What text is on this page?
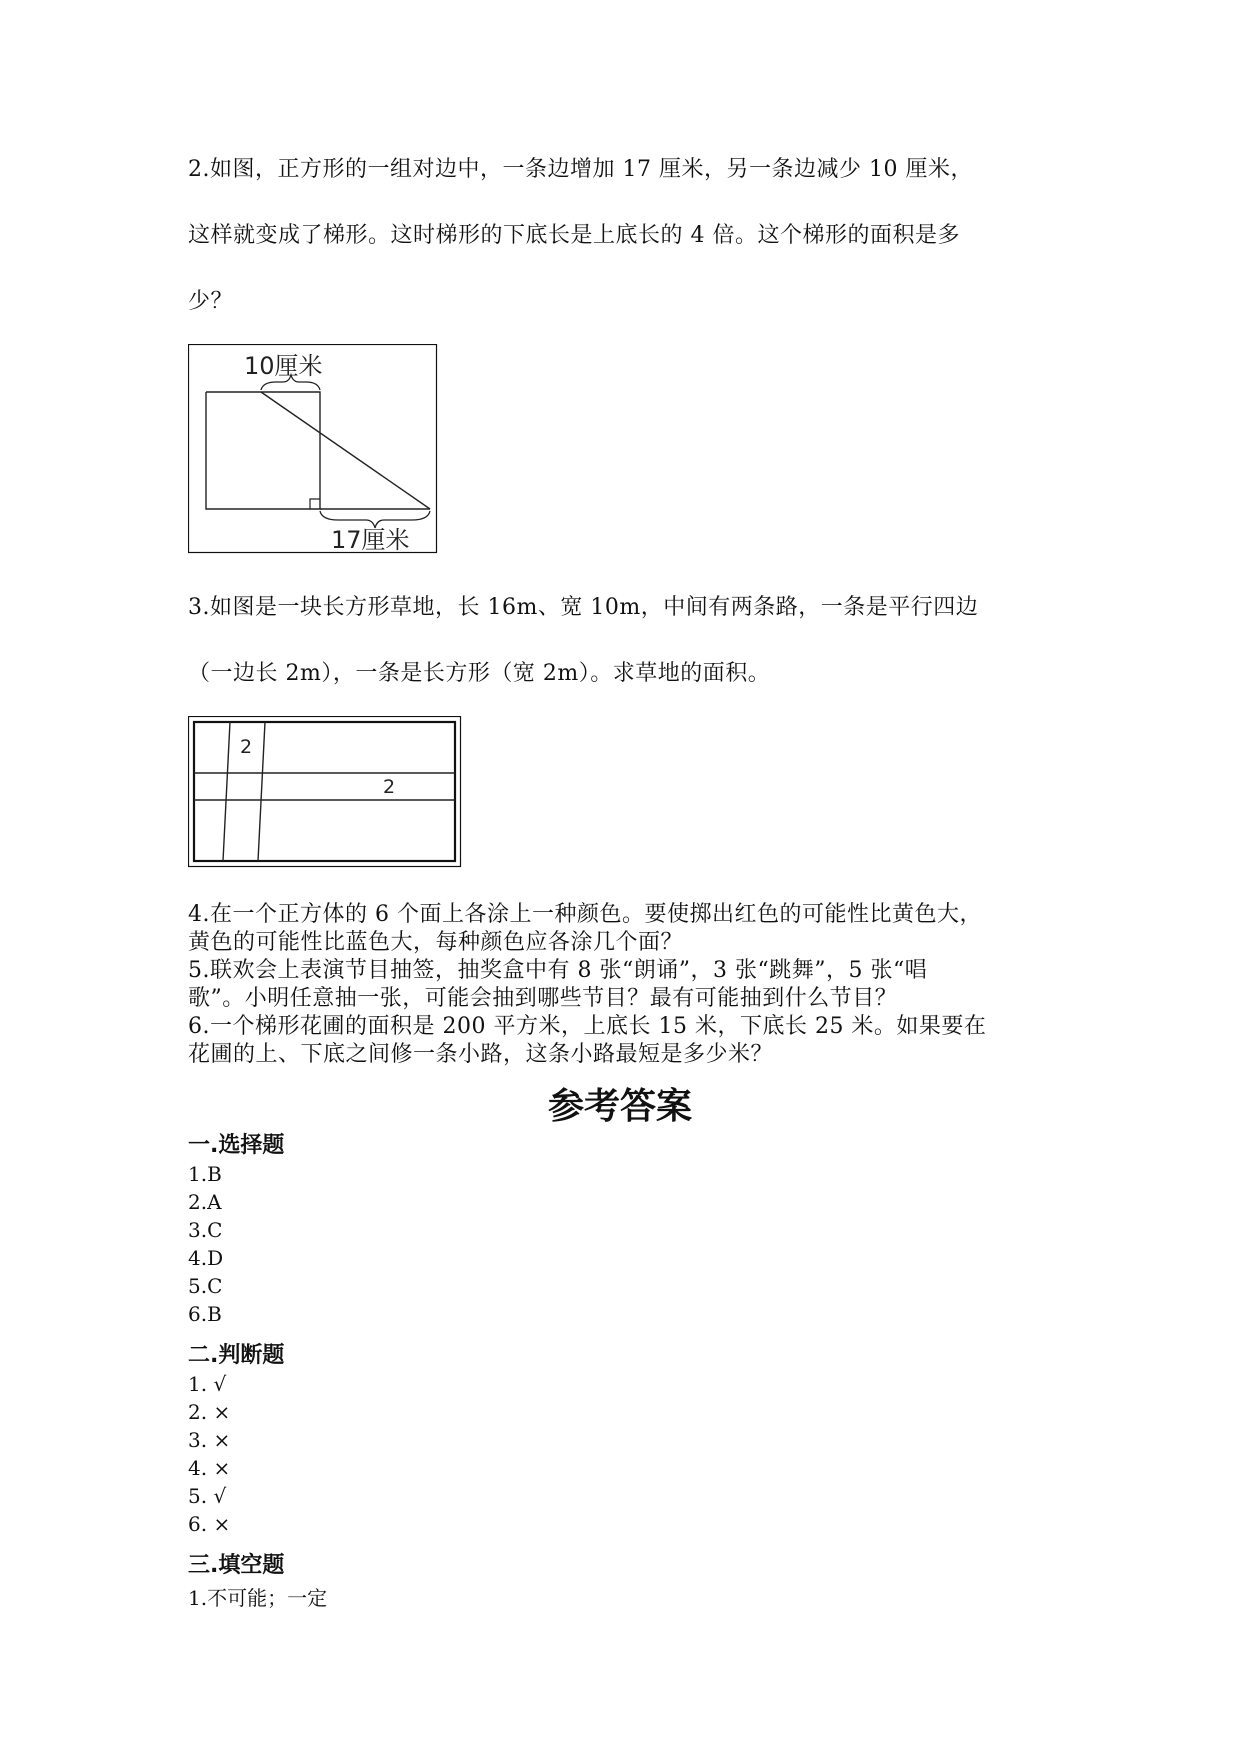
2.如图，正方形的一组对边中，一条边增加 17 厘米，另一条边减少 10 厘米，
这样就变成了梯形。这时梯形的下底长是上底长的 4 倍。这个梯形的面积是多
少？
10厘米
17厘米
3.如图是一块长方形草地，长 16m、宽 10m，中间有两条路，一条是平行四边
（一边长 2m），一条是长方形（宽 2m）。求草地的面积。
2
2
4.在一个正方体的 6 个面上各涂上一种颜色。要使掷出红色的可能性比黄色大，
黄色的可能性比蓝色大，每种颜色应各涂几个面？
5.联欢会上表演节目抽签，抽奖盒中有 8 张“朗诵”，3 张“跳舞”，5 张“唱
歌”。小明任意抽一张，可能会抽到哪些节目？最有可能抽到什么节目？
6.一个梯形花圃的面积是 200 平方米，上底长 15 米，下底长 25 米。如果要在
花圃的上、下底之间修一条小路，这条小路最短是多少米？
参考答案
一.选择题
1.B
2.A
3.C
4.D
5.C
6.B
二.判断题
1. √
2. ×
3. ×
4. ×
5. √
6. ×
三.填空题
1.不可能；一定
